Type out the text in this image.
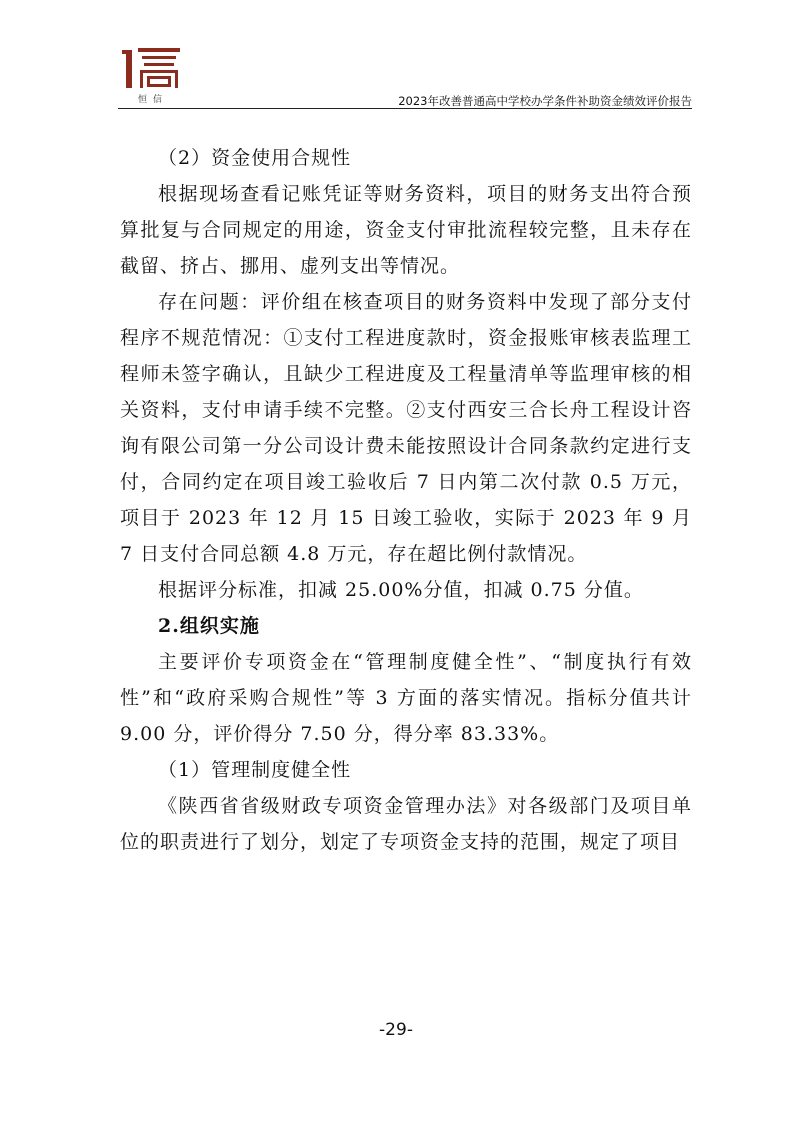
恒信	2023年改善普通高中学校办学条件补助资金绩效评价报告

（2）资金使用合规性

根据现场查看记账凭证等财务资料，项目的财务支出符合预算批复与合同规定的用途，资金支付审批流程较完整，且未存在截留、挤占、挪用、虚列支出等情况。

存在问题：评价组在核查项目的财务资料中发现了部分支付程序不规范情况：①支付工程进度款时，资金报账审核表监理工程师未签字确认，且缺少工程进度及工程量清单等监理审核的相关资料，支付申请手续不完整。②支付西安三合长舟工程设计咨询有限公司第一分公司设计费未能按照设计合同条款约定进行支付，合同约定在项目竣工验收后 7 日内第二次付款 0.5 万元，项目于 2023 年 12 月 15 日竣工验收，实际于 2023 年 9 月 7 日支付合同总额 4.8 万元，存在超比例付款情况。

根据评分标准，扣减 25.00%分值，扣减 0.75 分值。

2.组织实施

主要评价专项资金在“管理制度健全性”、“制度执行有效性”和“政府采购合规性”等 3 方面的落实情况。指标分值共计 9.00 分，评价得分 7.50 分，得分率 83.33%。

（1）管理制度健全性

《陕西省省级财政专项资金管理办法》对各级部门及项目单位的职责进行了划分，划定了专项资金支持的范围，规定了项目

-29-
